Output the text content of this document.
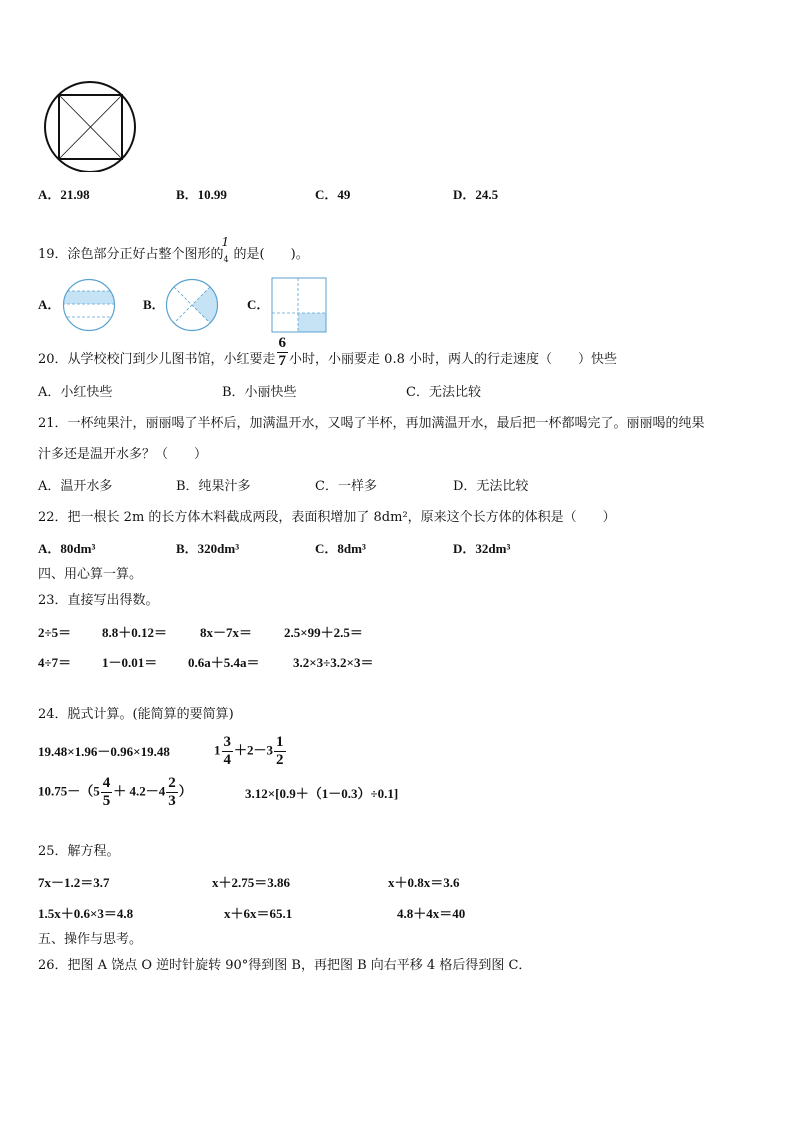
A．21.98	B．10.99	C．49	D．24.5
19．涂色部分正好占整个图形的
1
4 的是(　　)。
A．	B．	C．
20．从学校校门到少儿图书馆，小红要走 $\frac{6}{7}$ 小时，小丽要走 0.8 小时，两人的行走速度（　　）快些
A．小红快些	B．小丽快些	C．无法比较
21．一杯纯果汁，丽丽喝了半杯后，加满温开水，又喝了半杯，再加满温开水，最后把一杯都喝完了。丽丽喝的纯果
汁多还是温开水多？（　　）
A．温开水多	B．纯果汁多	C．一样多	D．无法比较
22．把一根长 2m 的长方体木料截成两段，表面积增加了 8dm²，原来这个长方体的体积是（　　）
A．80dm³	B．320dm³	C．8dm³	D．32dm³
四、用心算一算。
23．直接写出得数。
2÷5＝ 8.8＋0.12＝	8x－7x＝ 2.5×99＋2.5＝
4÷7＝ 1－0.01＝ 0.6a＋5.4a＝	3.2×3÷3.2×3＝
24．脱式计算。(能简算的要简算)
19.48×1.96－0.96×19.48	$1 \frac{3}{4} +2-3 \frac{1}{2}$
$10.75-(5 \frac{4}{5} + 4.2-4 \frac{2}{3}$ ）	3.12×[0.9＋（1－0.3）÷0.1]
25．解方程。
7x－1.2＝3.7	x＋2.75＝3.86	x＋0.8x＝3.6
1.5x＋0.6×3＝4.8	x＋6x＝65.1	4.8＋4x＝40
五、操作与思考。
26．把图 A 饶点 O 逆时针旋转 90°得到图 B，再把图 B 向右平移 4 格后得到图 C．
